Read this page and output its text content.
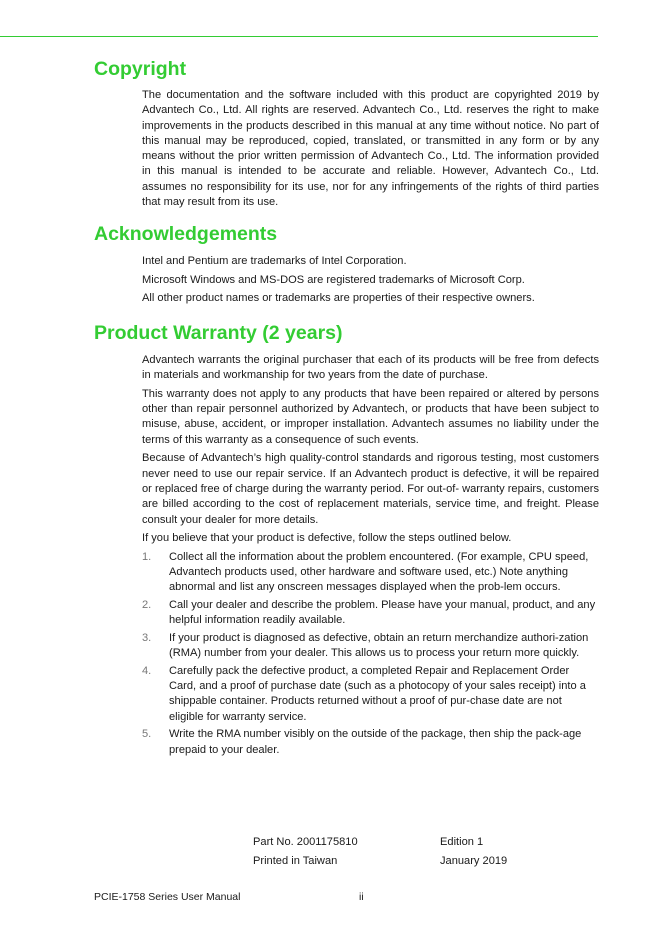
Copyright

The documentation and the software included with this product are copyrighted 2019 by Advantech Co., Ltd. All rights are reserved. Advantech Co., Ltd. reserves the right to make improvements in the products described in this manual at any time without notice. No part of this manual may be reproduced, copied, translated, or transmitted in any form or by any means without the prior written permission of Advantech Co., Ltd. The information provided in this manual is intended to be accurate and reliable. However, Advantech Co., Ltd. assumes no responsibility for its use, nor for any infringements of the rights of third parties that may result from its use.

Acknowledgements

Intel and Pentium are trademarks of Intel Corporation.

Microsoft Windows and MS-DOS are registered trademarks of Microsoft Corp.

All other product names or trademarks are properties of their respective owners.

Product Warranty (2 years)

Advantech warrants the original purchaser that each of its products will be free from defects in materials and workmanship for two years from the date of purchase.

This warranty does not apply to any products that have been repaired or altered by persons other than repair personnel authorized by Advantech, or products that have been subject to misuse, abuse, accident, or improper installation. Advantech assumes no liability under the terms of this warranty as a consequence of such events.

Because of Advantech’s high quality-control standards and rigorous testing, most customers never need to use our repair service. If an Advantech product is defective, it will be repaired or replaced free of charge during the warranty period. For out-of- warranty repairs, customers are billed according to the cost of replacement materials, service time, and freight. Please consult your dealer for more details.

If you believe that your product is defective, follow the steps outlined below.

1. Collect all the information about the problem encountered. (For example, CPU speed, Advantech products used, other hardware and software used, etc.) Note anything abnormal and list any onscreen messages displayed when the prob-lem occurs.
2. Call your dealer and describe the problem. Please have your manual, product, and any helpful information readily available.
3. If your product is diagnosed as defective, obtain an return merchandize authori-zation (RMA) number from your dealer. This allows us to process your return more quickly.
4. Carefully pack the defective product, a completed Repair and Replacement Order Card, and a proof of purchase date (such as a photocopy of your sales receipt) into a shippable container. Products returned without a proof of pur-chase date are not eligible for warranty service.
5. Write the RMA number visibly on the outside of the package, then ship the pack-age prepaid to your dealer.
Part No. 2001175810	Edition 1
Printed in Taiwan	January 2019
PCIE-1758 Series User Manual	ii
